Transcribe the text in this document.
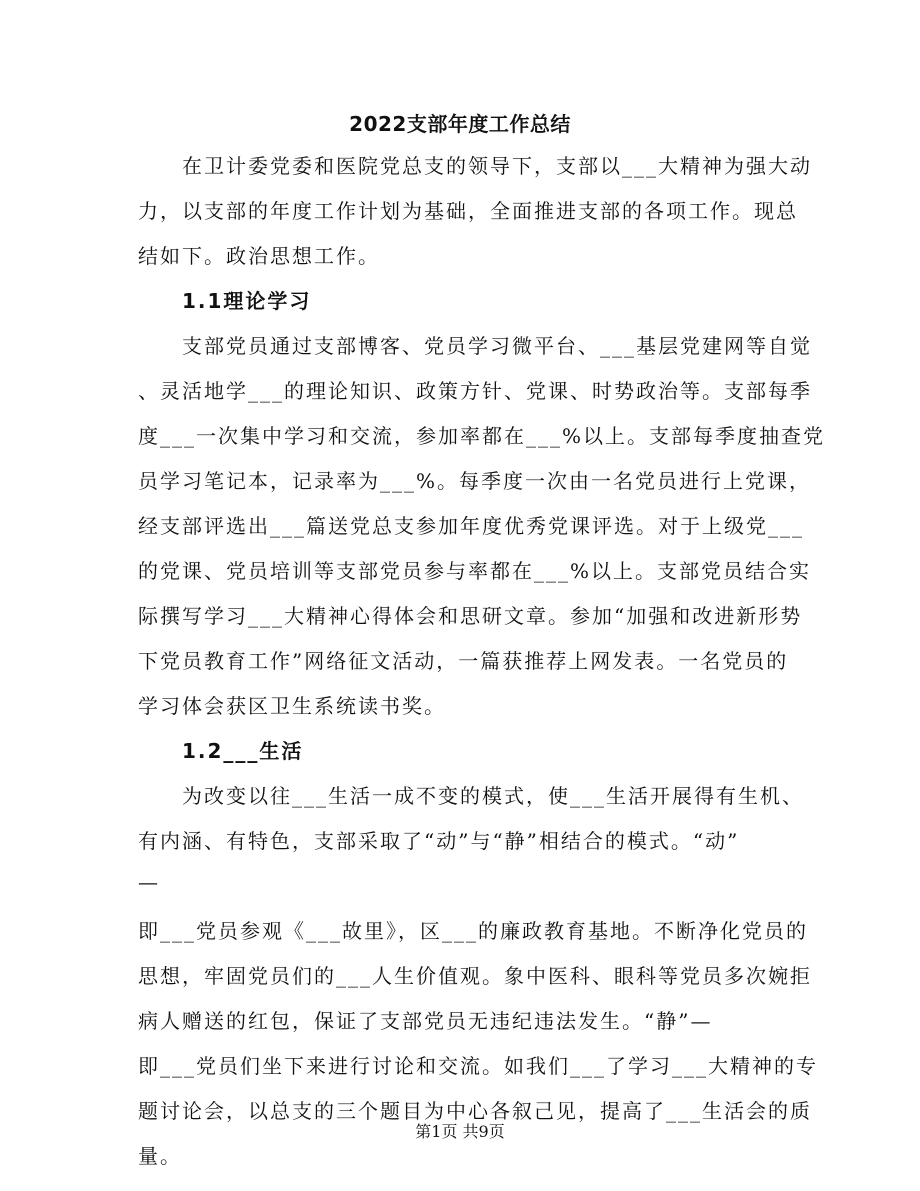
2022支部年度工作总结
在卫计委党委和医院党总支的领导下，支部以___大精神为强大动
力，以支部的年度工作计划为基础，全面推进支部的各项工作。现总
结如下。政治思想工作。
1.1理论学习
支部党员通过支部博客、党员学习微平台、___基层党建网等自觉
、灵活地学___的理论知识、政策方针、党课、时势政治等。支部每季
度___一次集中学习和交流，参加率都在___%以上。支部每季度抽查党
员学习笔记本，记录率为___%。每季度一次由一名党员进行上党课，
经支部评选出___篇送党总支参加年度优秀党课评选。对于上级党___
的党课、党员培训等支部党员参与率都在___%以上。支部党员结合实
际撰写学习___大精神心得体会和思研文章。参加“加强和改进新形势
下党员教育工作”网络征文活动，一篇获推荐上网发表。一名党员的
学习体会获区卫生系统读书奖。
1.2___生活
为改变以往___生活一成不变的模式，使___生活开展得有生机、
有内涵、有特色，支部采取了“动”与“静”相结合的模式。“动”
—
即___党员参观《___故里》，区___的廉政教育基地。不断净化党员的
思想，牢固党员们的___人生价值观。象中医科、眼科等党员多次婉拒
病人赠送的红包，保证了支部党员无违纪违法发生。“静”—
即___党员们坐下来进行讨论和交流。如我们___了学习___大精神的专
题讨论会，以总支的三个题目为中心各叙己见，提高了___生活会的质
量。
第1页 共9页
